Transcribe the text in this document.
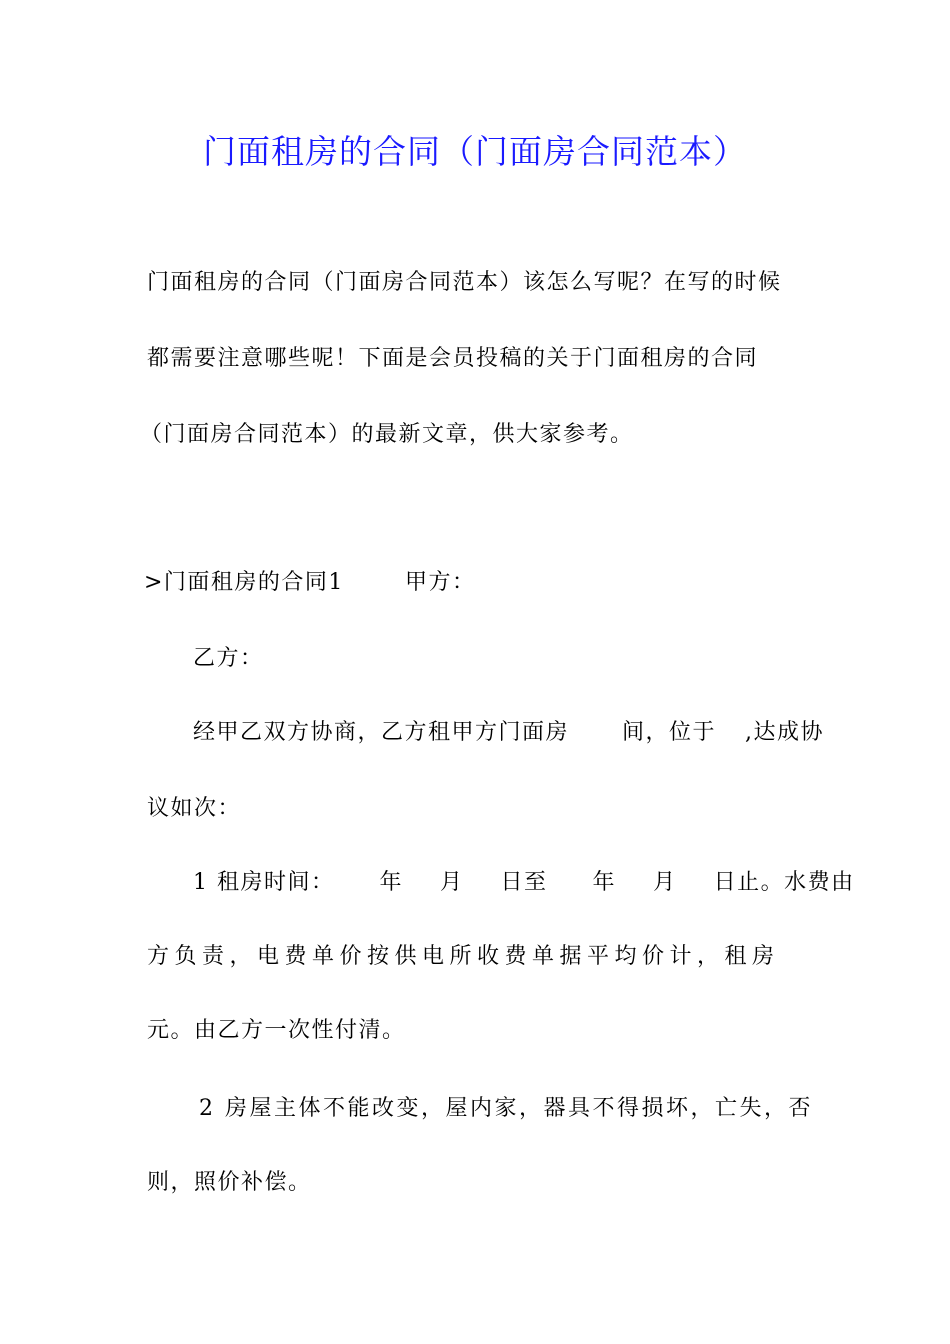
门面租房的合同（门面房合同范本）
门面租房的合同（门面房合同范本）该怎么写呢？在写的时候
都需要注意哪些呢！下面是会员投稿的关于门面租房的合同
（门面房合同范本）的最新文章，供大家参考。
>门面租房的合同1	甲方：
乙方：
经甲乙双方协商，乙方租甲方门面房 间，位于 ,达成协
议如次：
1 租房时间： 年 月 日至 年 月 日止。水费由
方负责，电费单价按供电所收费单据平均价计，租房
元。由乙方一次性付清。
2 房屋主体不能改变，屋内家，器具不得损坏，亡失，否
则，照价补偿。
